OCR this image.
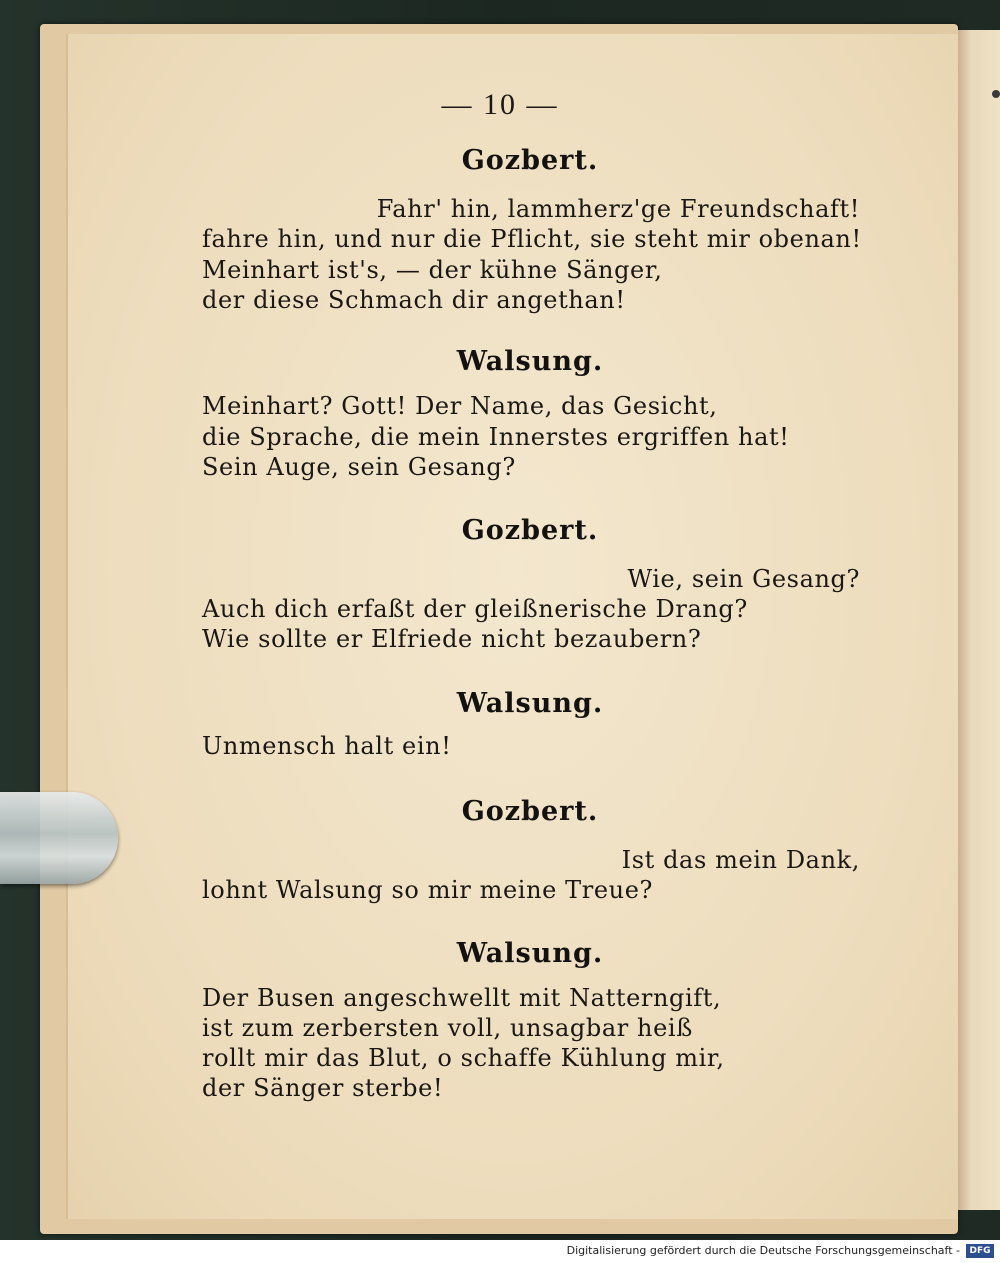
— 10 —
Gozbert.
Fahr' hin, lammherz'ge Freundschaft!
fahre hin, und nur die Pflicht, sie steht mir obenan!
Meinhart ist's, — der kühne Sänger,
der diese Schmach dir angethan!
Walsung.
Meinhart? Gott! Der Name, das Gesicht,
die Sprache, die mein Innerstes ergriffen hat!
Sein Auge, sein Gesang?
Gozbert.
Wie, sein Gesang?
Auch dich erfaßt der gleißnerische Drang?
Wie sollte er Elfriede nicht bezaubern?
Walsung.
Unmensch halt ein!
Gozbert.
Ist das mein Dank,
lohnt Walsung so mir meine Treue?
Walsung.
Der Busen angeschwellt mit Natterngift,
ist zum zerbersten voll, unsagbar heiß
rollt mir das Blut, o schaffe Kühlung mir,
der Sänger sterbe!
Digitalisierung gefördert durch die Deutsche Forschungsgemeinschaft -	DFG
